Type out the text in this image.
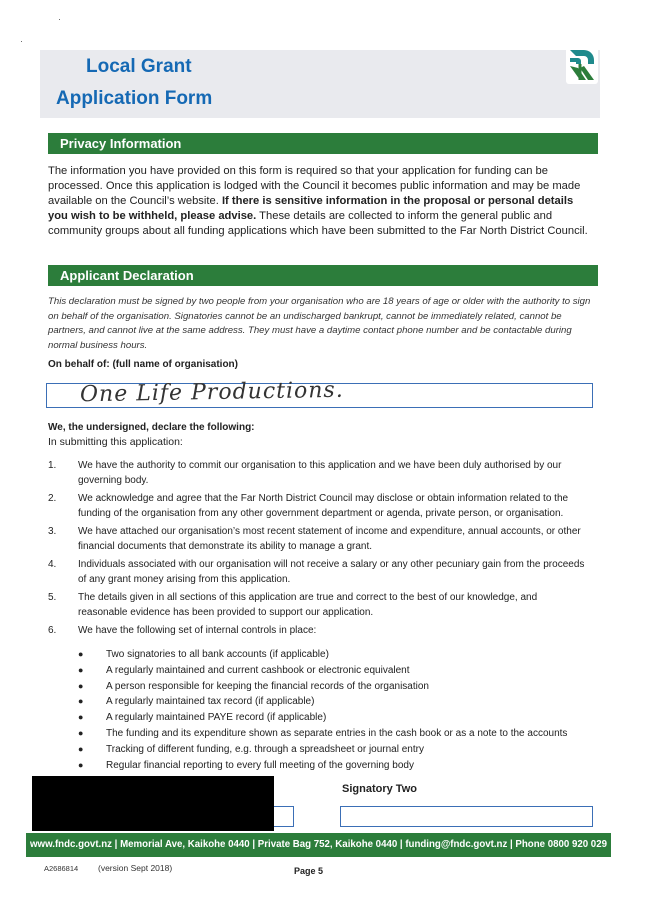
·
·
Local Grant
Application Form
Privacy Information

The information you have provided on this form is required so that your application for funding can be processed. Once this application is lodged with the Council it becomes public information and may be made available on the Council’s website. If there is sensitive information in the proposal or personal details you wish to be withheld, please advise. These details are collected to inform the general public and community groups about all funding applications which have been submitted to the Far North District Council.

Applicant Declaration

This declaration must be signed by two people from your organisation who are 18 years of age or older with the authority to sign on behalf of the organisation. Signatories cannot be an undischarged bankrupt, cannot be immediately related, cannot be partners, and cannot live at the same address. They must have a daytime contact phone number and be contactable during normal business hours.

On behalf of: (full name of organisation)

One Life Productions.

We, the undersigned, declare the following:

In submitting this application:

1. We have the authority to commit our organisation to this application and we have been duly authorised by our governing body.
2. We acknowledge and agree that the Far North District Council may disclose or obtain information related to the funding of the organisation from any other government department or agenda, private person, or organisation.
3. We have attached our organisation’s most recent statement of income and expenditure, annual accounts, or other financial documents that demonstrate its ability to manage a grant.
4. Individuals associated with our organisation will not receive a salary or any other pecuniary gain from the proceeds of any grant money arising from this application.
5. The details given in all sections of this application are true and correct to the best of our knowledge, and reasonable evidence has been provided to support our application.
6. We have the following set of internal controls in place:
● Two signatories to all bank accounts (if applicable)
● A regularly maintained and current cashbook or electronic equivalent
● A person responsible for keeping the financial records of the organisation
● A regularly maintained tax record (if applicable)
● A regularly maintained PAYE record (if applicable)
● The funding and its expenditure shown as separate entries in the cash book or as a note to the accounts
● Tracking of different funding, e.g. through a spreadsheet or journal entry
● Regular financial reporting to every full meeting of the governing body

Signatory Two

www.fndc.govt.nz | Memorial Ave, Kaikohe 0440 | Private Bag 752, Kaikohe 0440 | funding@fndc.govt.nz | Phone 0800 920 029

A2686814 (version Sept 2018)	Page 5
